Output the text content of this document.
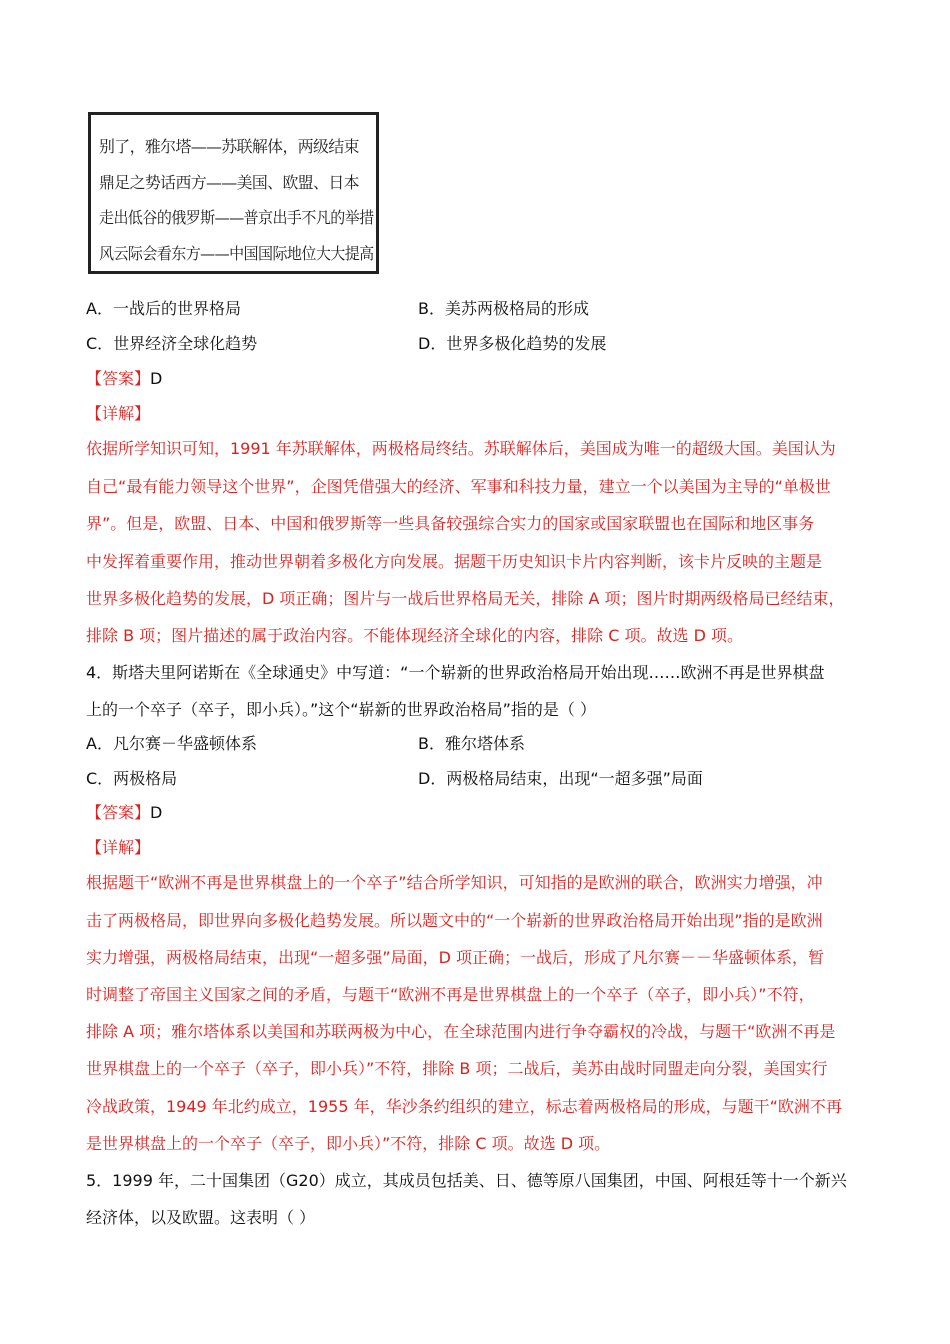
别了，雅尔塔——苏联解体，两级结束
鼎足之势话西方——美国、欧盟、日本
走出低谷的俄罗斯——普京出手不凡的举措
风云际会看东方——中国国际地位大大提高
A．一战后的世界格局	B．美苏两极格局的形成
C．世界经济全球化趋势	D．世界多极化趋势的发展
【答案】D
【详解】
依据所学知识可知，1991 年苏联解体，两极格局终结。苏联解体后，美国成为唯一的超级大国。美国认为
自己“最有能力领导这个世界”，企图凭借强大的经济、军事和科技力量，建立一个以美国为主导的“单极世
界”。但是，欧盟、日本、中国和俄罗斯等一些具备较强综合实力的国家或国家联盟也在国际和地区事务
中发挥着重要作用，推动世界朝着多极化方向发展。据题干历史知识卡片内容判断，该卡片反映的主题是
世界多极化趋势的发展，D 项正确；图片与一战后世界格局无关，排除 A 项；图片时期两级格局已经结束，
排除 B 项；图片描述的属于政治内容。不能体现经济全球化的内容，排除 C 项。故选 D 项。
4．斯塔夫里阿诺斯在《全球通史》中写道：“一个崭新的世界政治格局开始出现……欧洲不再是世界棋盘
上的一个卒子（卒子，即小兵）。”这个“崭新的世界政治格局”指的是（ ）
A．凡尔赛－华盛顿体系	B．雅尔塔体系
C．两极格局	D．两极格局结束，出现“一超多强”局面
【答案】D
【详解】
根据题干“欧洲不再是世界棋盘上的一个卒子”结合所学知识，可知指的是欧洲的联合，欧洲实力增强，冲
击了两极格局，即世界向多极化趋势发展。所以题文中的“一个崭新的世界政治格局开始出现”指的是欧洲
实力增强，两极格局结束，出现“一超多强”局面，D 项正确；一战后，形成了凡尔赛－－华盛顿体系，暂
时调整了帝国主义国家之间的矛盾，与题干“欧洲不再是世界棋盘上的一个卒子（卒子，即小兵）”不符，
排除 A 项；雅尔塔体系以美国和苏联两极为中心，在全球范围内进行争夺霸权的冷战，与题干“欧洲不再是
世界棋盘上的一个卒子（卒子，即小兵）”不符，排除 B 项；二战后，美苏由战时同盟走向分裂，美国实行
冷战政策，1949 年北约成立，1955 年，华沙条约组织的建立，标志着两极格局的形成，与题干“欧洲不再
是世界棋盘上的一个卒子（卒子，即小兵）”不符，排除 C 项。故选 D 项。
5．1999 年，二十国集团（G20）成立，其成员包括美、日、德等原八国集团，中国、阿根廷等十一个新兴
经济体，以及欧盟。这表明（ ）
